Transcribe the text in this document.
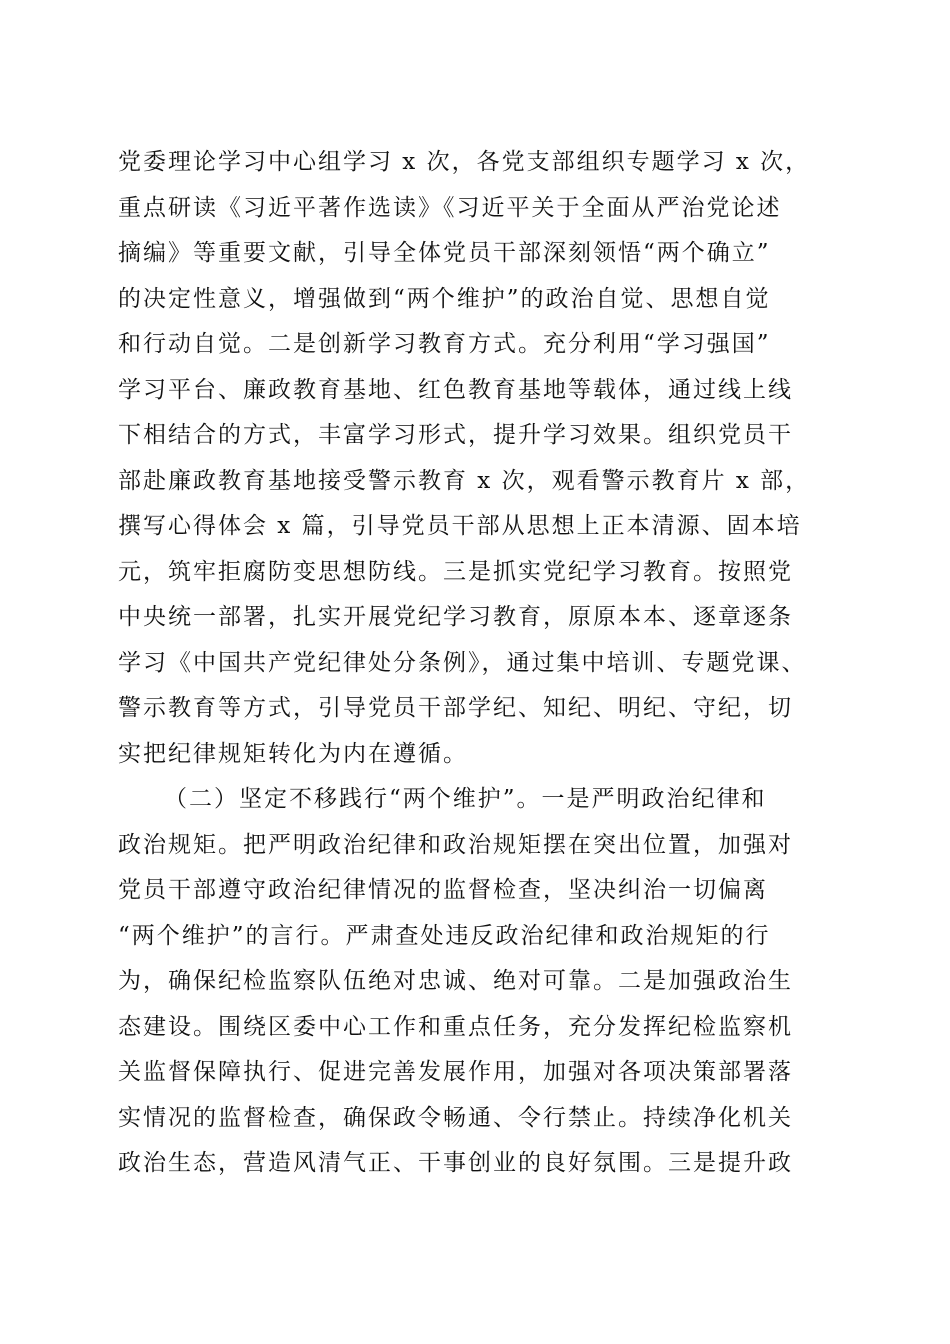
党委理论学习中心组学习 x 次，各党支部组织专题学习 x 次，
重点研读《习近平著作选读》《习近平关于全面从严治党论述
摘编》等重要文献，引导全体党员干部深刻领悟“两个确立”
的决定性意义，增强做到“两个维护”的政治自觉、思想自觉
和行动自觉。二是创新学习教育方式。充分利用“学习强国”
学习平台、廉政教育基地、红色教育基地等载体，通过线上线
下相结合的方式，丰富学习形式，提升学习效果。组织党员干
部赴廉政教育基地接受警示教育 x 次，观看警示教育片 x 部，
撰写心得体会 x 篇，引导党员干部从思想上正本清源、固本培
元，筑牢拒腐防变思想防线。三是抓实党纪学习教育。按照党
中央统一部署，扎实开展党纪学习教育，原原本本、逐章逐条
学习《中国共产党纪律处分条例》，通过集中培训、专题党课、
警示教育等方式，引导党员干部学纪、知纪、明纪、守纪，切
实把纪律规矩转化为内在遵循。
（二）坚定不移践行“两个维护”。一是严明政治纪律和
政治规矩。把严明政治纪律和政治规矩摆在突出位置，加强对
党员干部遵守政治纪律情况的监督检查，坚决纠治一切偏离
“两个维护”的言行。严肃查处违反政治纪律和政治规矩的行
为，确保纪检监察队伍绝对忠诚、绝对可靠。二是加强政治生
态建设。围绕区委中心工作和重点任务，充分发挥纪检监察机
关监督保障执行、促进完善发展作用，加强对各项决策部署落
实情况的监督检查，确保政令畅通、令行禁止。持续净化机关
政治生态，营造风清气正、干事创业的良好氛围。三是提升政
